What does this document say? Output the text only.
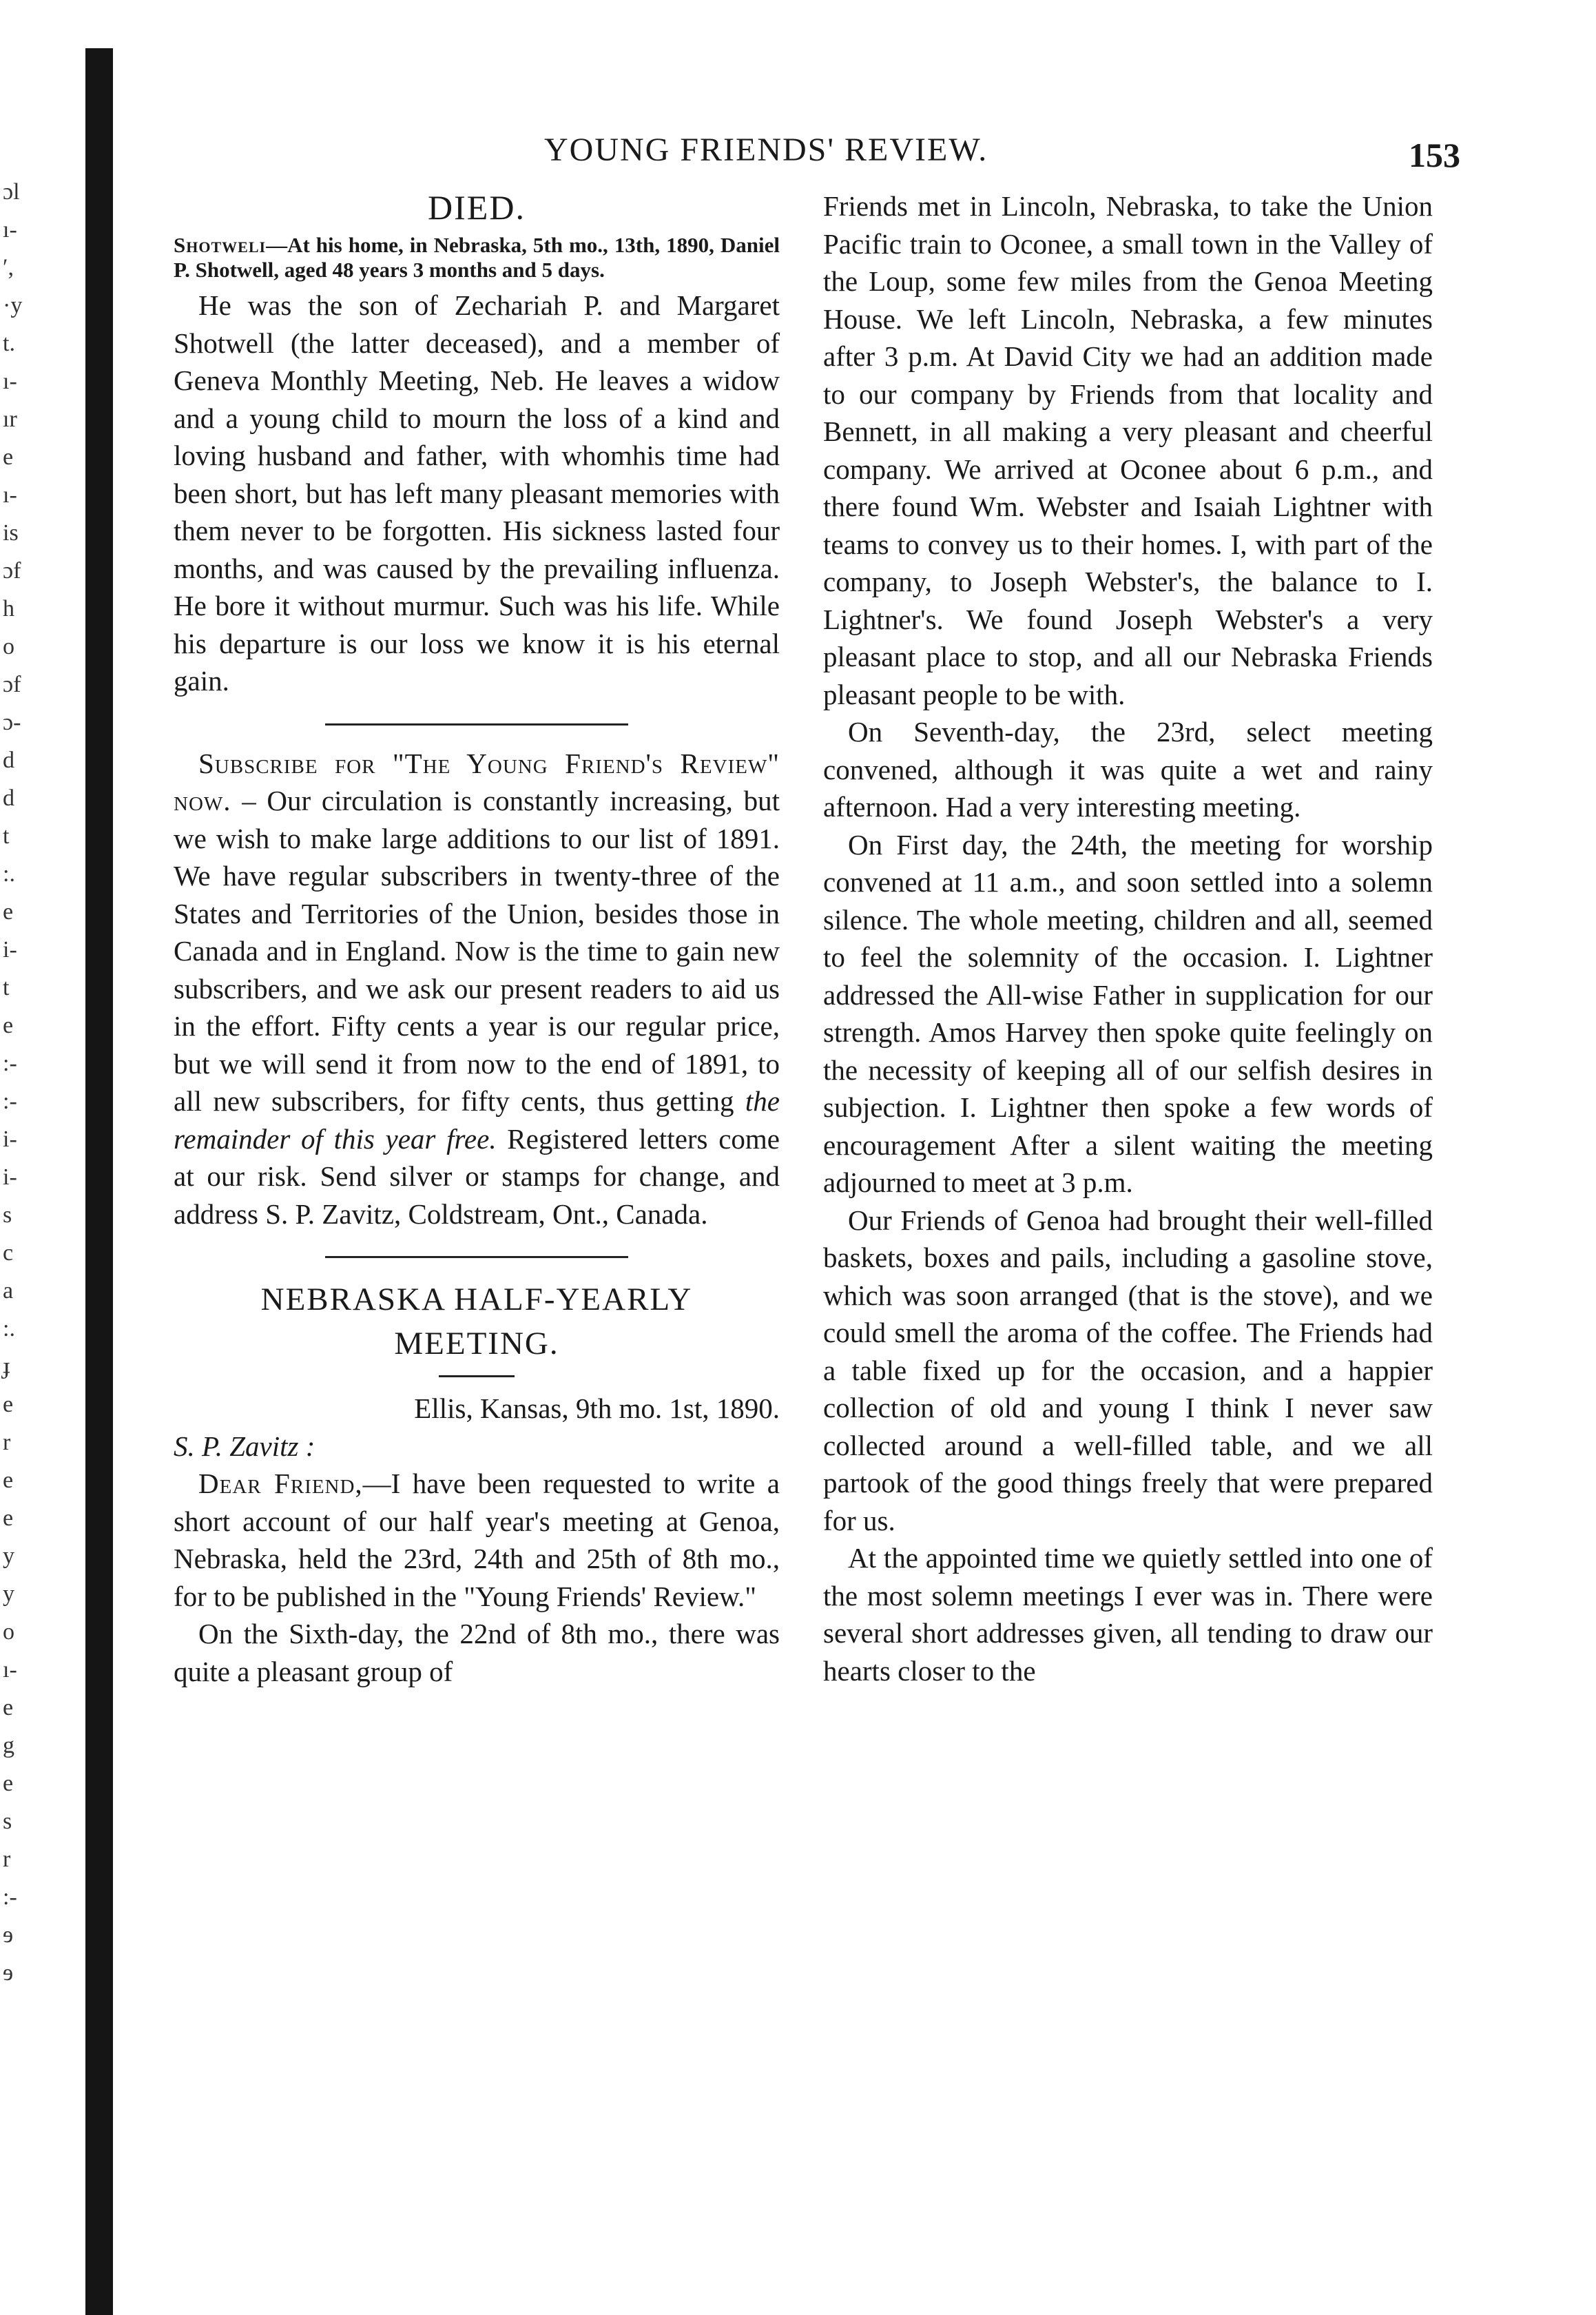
ɔl
ı-
ʹ,
·y
t.
ı-
ır
e
ı-
is
ɔf
h
o
ɔf
ɔ-
d
d
t
:.
e
i-
t
e
:-
:-
i-
i-
s
c
a
:.
ɟ
e
r
e
e
y
y
o
ı-
e
g
e
s
r
:-
ɘ
ɘ
YOUNG FRIENDS' REVIEW.	153
DIED.

Shotweli—At his home, in Nebraska, 5th mo., 13th, 1890, Daniel P. Shotwell, aged 48 years 3 months and 5 days.

He was the son of Zechariah P. and Margaret Shotwell (the latter deceased), and a member of Geneva Monthly Meeting, Neb. He leaves a widow and a young child to mourn the loss of a kind and loving husband and father, with whomhis time had been short, but has left many pleasant memories with them never to be forgotten. His sickness lasted four months, and was caused by the prevailing influenza. He bore it without murmur. Such was his life. While his departure is our loss we know it is his eternal gain.

Subscribe for "The Young Friend's Review" now. – Our circulation is constantly increasing, but we wish to make large additions to our list of 1891. We have regular subscribers in twenty-three of the States and Territories of the Union, besides those in Canada and in England. Now is the time to gain new subscribers, and we ask our present readers to aid us in the effort. Fifty cents a year is our regular price, but we will send it from now to the end of 1891, to all new subscribers, for fifty cents, thus getting the remainder of this year free. Registered letters come at our risk. Send silver or stamps for change, and address S. P. Zavitz, Coldstream, Ont., Canada.

NEBRASKA HALF-YEARLY
MEETING.

Ellis, Kansas, 9th mo. 1st, 1890.

S. P. Zavitz :

Dear Friend,—I have been requested to write a short account of our half year's meeting at Genoa, Nebraska, held the 23rd, 24th and 25th of 8th mo., for to be published in the "Young Friends' Review."

On the Sixth-day, the 22nd of 8th mo., there was quite a pleasant group of

Friends met in Lincoln, Nebraska, to take the Union Pacific train to Oconee, a small town in the Valley of the Loup, some few miles from the Genoa Meeting House. We left Lincoln, Nebraska, a few minutes after 3 p.m. At David City we had an addition made to our company by Friends from that locality and Bennett, in all making a very pleasant and cheerful company. We arrived at Oconee about 6 p.m., and there found Wm. Webster and Isaiah Lightner with teams to convey us to their homes. I, with part of the company, to Joseph Webster's, the balance to I. Lightner's. We found Joseph Webster's a very pleasant place to stop, and all our Nebraska Friends pleasant people to be with.

On Seventh-day, the 23rd, select meeting convened, although it was quite a wet and rainy afternoon. Had a very interesting meeting.

On First day, the 24th, the meeting for worship convened at 11 a.m., and soon settled into a solemn silence. The whole meeting, children and all, seemed to feel the solemnity of the occasion. I. Lightner addressed the All-wise Father in supplication for our strength. Amos Harvey then spoke quite feelingly on the necessity of keeping all of our selfish desires in subjection. I. Lightner then spoke a few words of encouragement After a silent waiting the meeting adjourned to meet at 3 p.m.

Our Friends of Genoa had brought their well-filled baskets, boxes and pails, including a gasoline stove, which was soon arranged (that is the stove), and we could smell the aroma of the coffee. The Friends had a table fixed up for the occasion, and a happier collection of old and young I think I never saw collected around a well-filled table, and we all partook of the good things freely that were prepared for us.

At the appointed time we quietly settled into one of the most solemn meetings I ever was in. There were several short addresses given, all tending to draw our hearts closer to the
